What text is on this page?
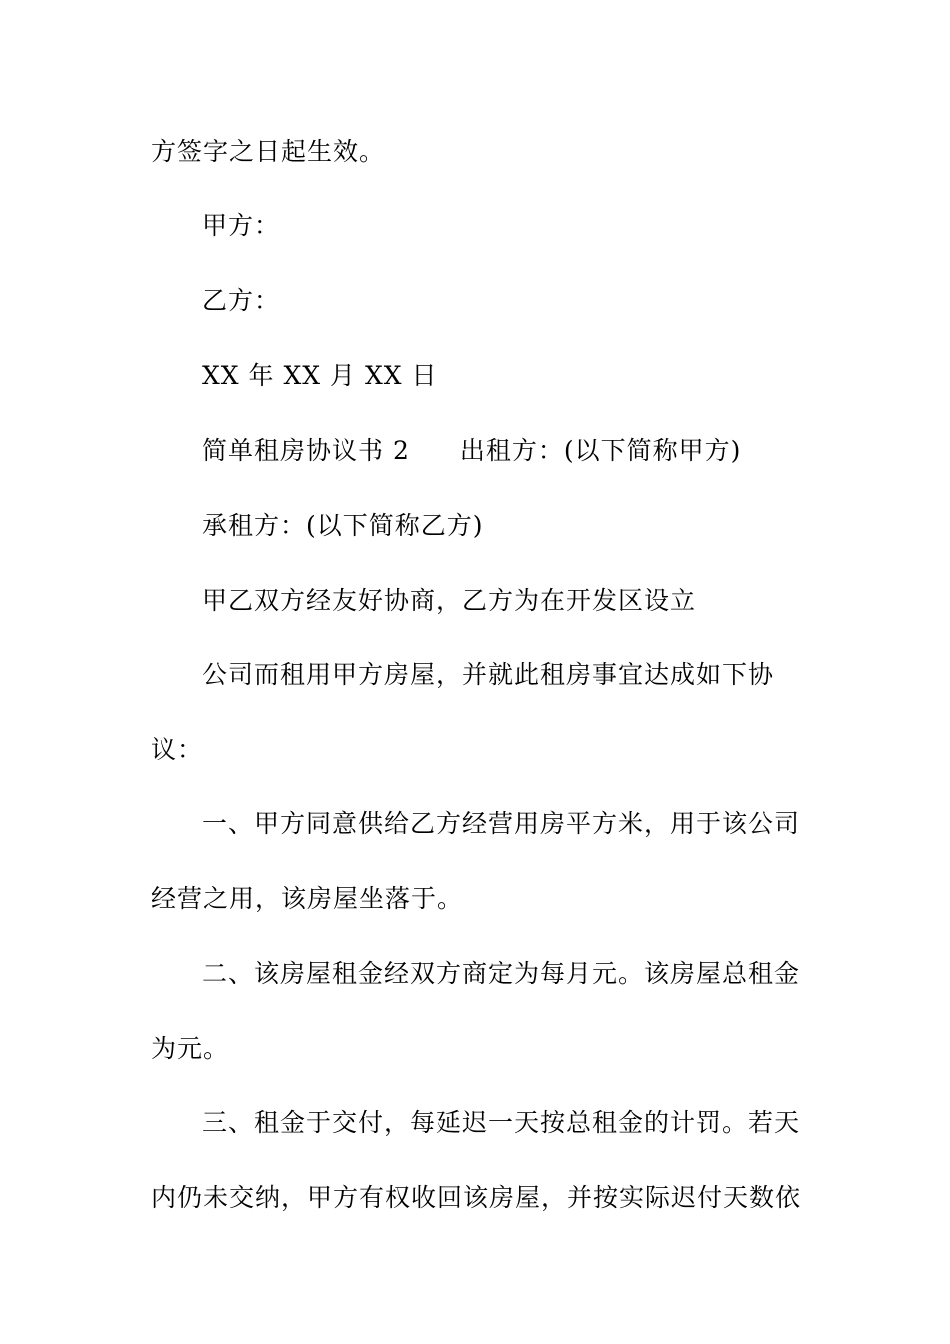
方签字之日起生效。
甲方：
乙方：
XX 年 XX 月 XX 日
简单租房协议书 2 出租方：(以下简称甲方)
承租方：(以下简称乙方)
甲乙双方经友好协商，乙方为在开发区设立
公司而租用甲方房屋，并就此租房事宜达成如下协
议：
一、甲方同意供给乙方经营用房平方米，用于该公司
经营之用，该房屋坐落于。
二、该房屋租金经双方商定为每月元。该房屋总租金
为元。
三、租金于交付，每延迟一天按总租金的计罚。若天
内仍未交纳，甲方有权收回该房屋，并按实际迟付天数依
